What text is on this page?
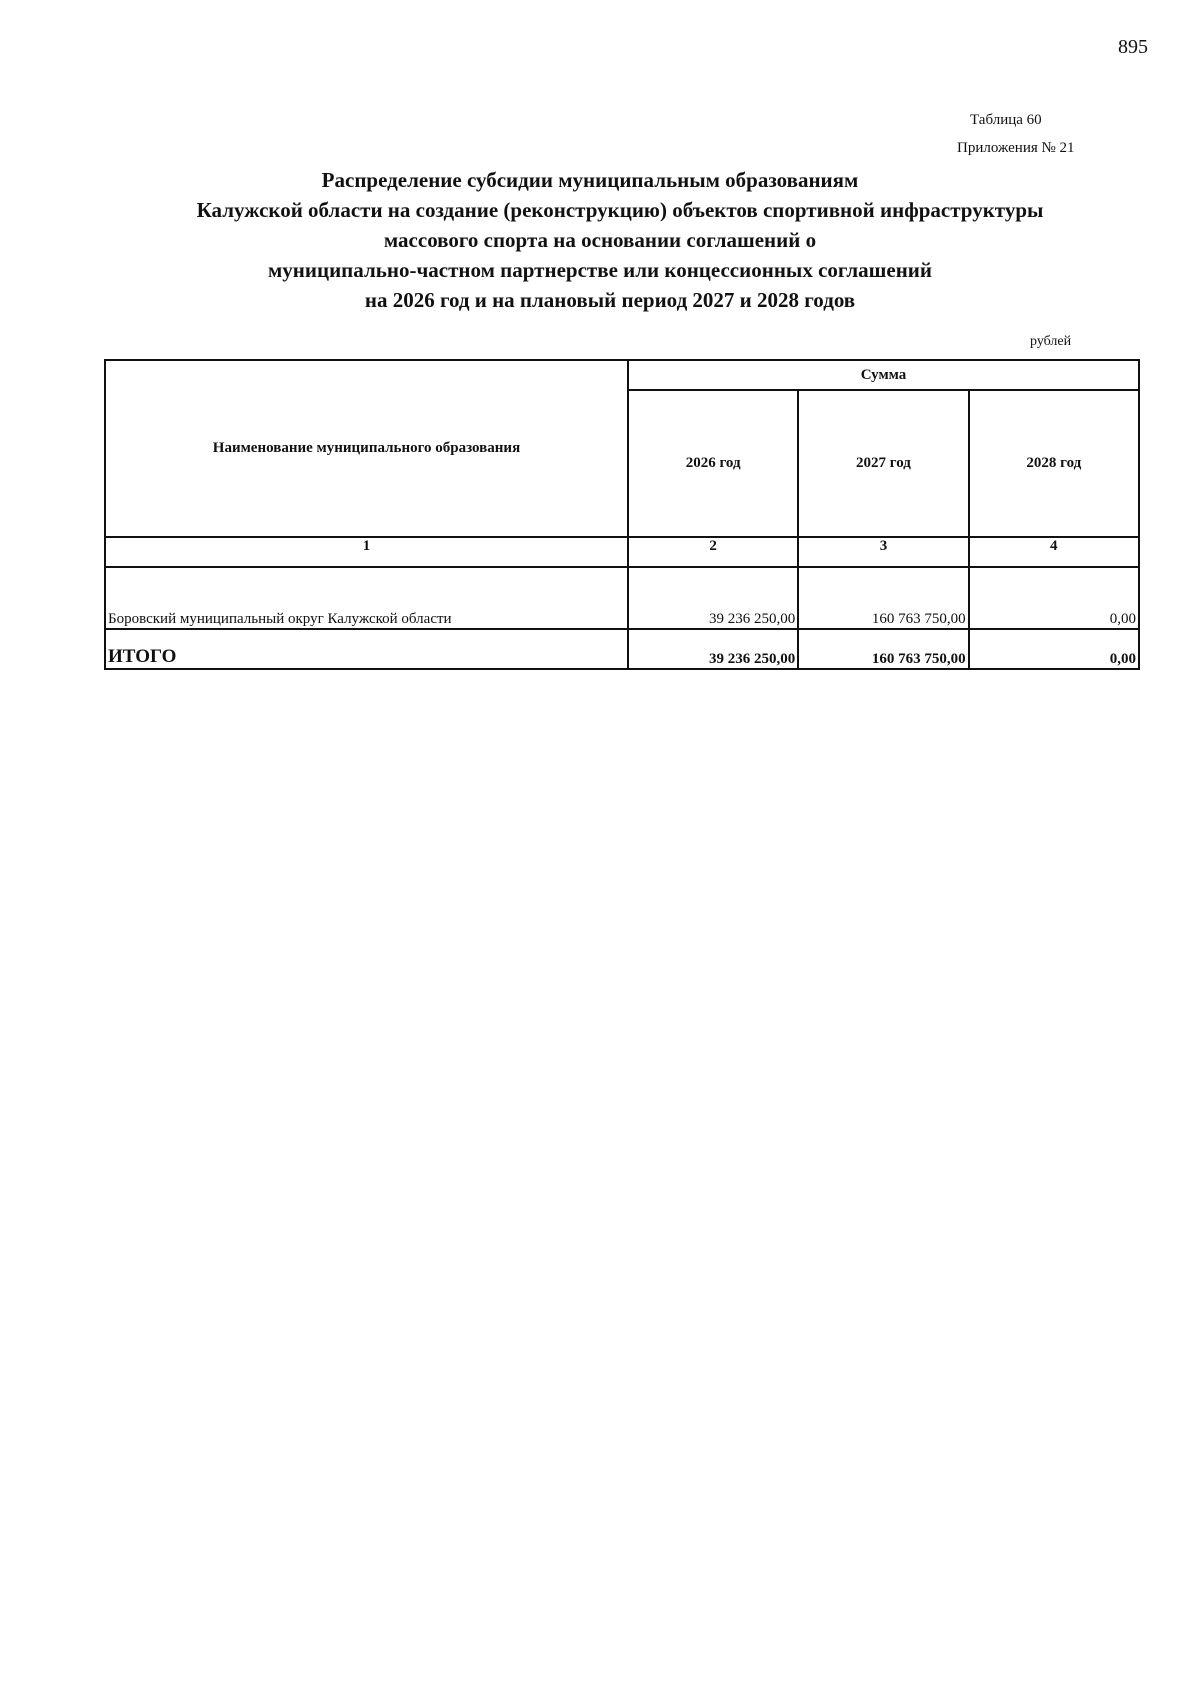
895
Таблица 60
Приложения № 21
Распределение субсидии муниципальным образованиям
Калужской области на создание (реконструкцию) объектов спортивной инфраструктуры
массового спорта на основании соглашений о
муниципально-частном партнерстве или концессионных соглашений
на 2026 год и на плановый период 2027 и 2028 годов
рублей
Наименование муниципального образования	Сумма		
	2026 год	2027 год	2028 год
1	2	3	4
Боровский муниципальный округ Калужской области	39 236 250,00	160 763 750,00	0,00
ИТОГО	39 236 250,00	160 763 750,00	0,00
